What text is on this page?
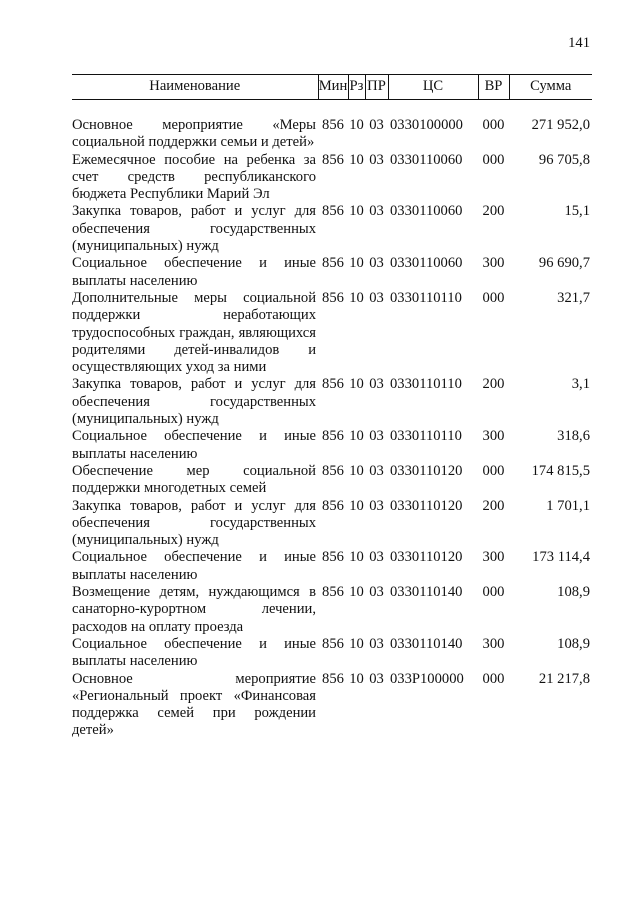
141
Наименование	Мин	Рз	ПР	ЦС	ВР	Сумма

Основное мероприятие «Меры социальной поддержки семьи и детей»	856	10	03	0330100000	000	271 952,0
Ежемесячное пособие на ребенка за счет средств республиканского бюджета Республики Марий Эл	856	10	03	0330110060	000	96 705,8
Закупка товаров, работ и услуг для обеспечения государственных (муниципальных) нужд	856	10	03	0330110060	200	15,1
Социальное обеспечение и иные выплаты населению	856	10	03	0330110060	300	96 690,7
Дополнительные меры социальной поддержки неработающих трудоспособных граждан, являющихся родителями детей-инвалидов и осуществляющих уход за ними	856	10	03	0330110110	000	321,7
Закупка товаров, работ и услуг для обеспечения государственных (муниципальных) нужд	856	10	03	0330110110	200	3,1
Социальное обеспечение и иные выплаты населению	856	10	03	0330110110	300	318,6
Обеспечение мер социальной поддержки многодетных семей	856	10	03	0330110120	000	174 815,5
Закупка товаров, работ и услуг для обеспечения государственных (муниципальных) нужд	856	10	03	0330110120	200	1 701,1
Социальное обеспечение и иные выплаты населению	856	10	03	0330110120	300	173 114,4
Возмещение детям, нуждающимся в санаторно-курортном лечении, расходов на оплату проезда	856	10	03	0330110140	000	108,9
Социальное обеспечение и иные выплаты населению	856	10	03	0330110140	300	108,9
Основное мероприятие «Региональный проект «Финансовая поддержка семей при рождении детей»	856	10	03	033P100000	000	21 217,8
